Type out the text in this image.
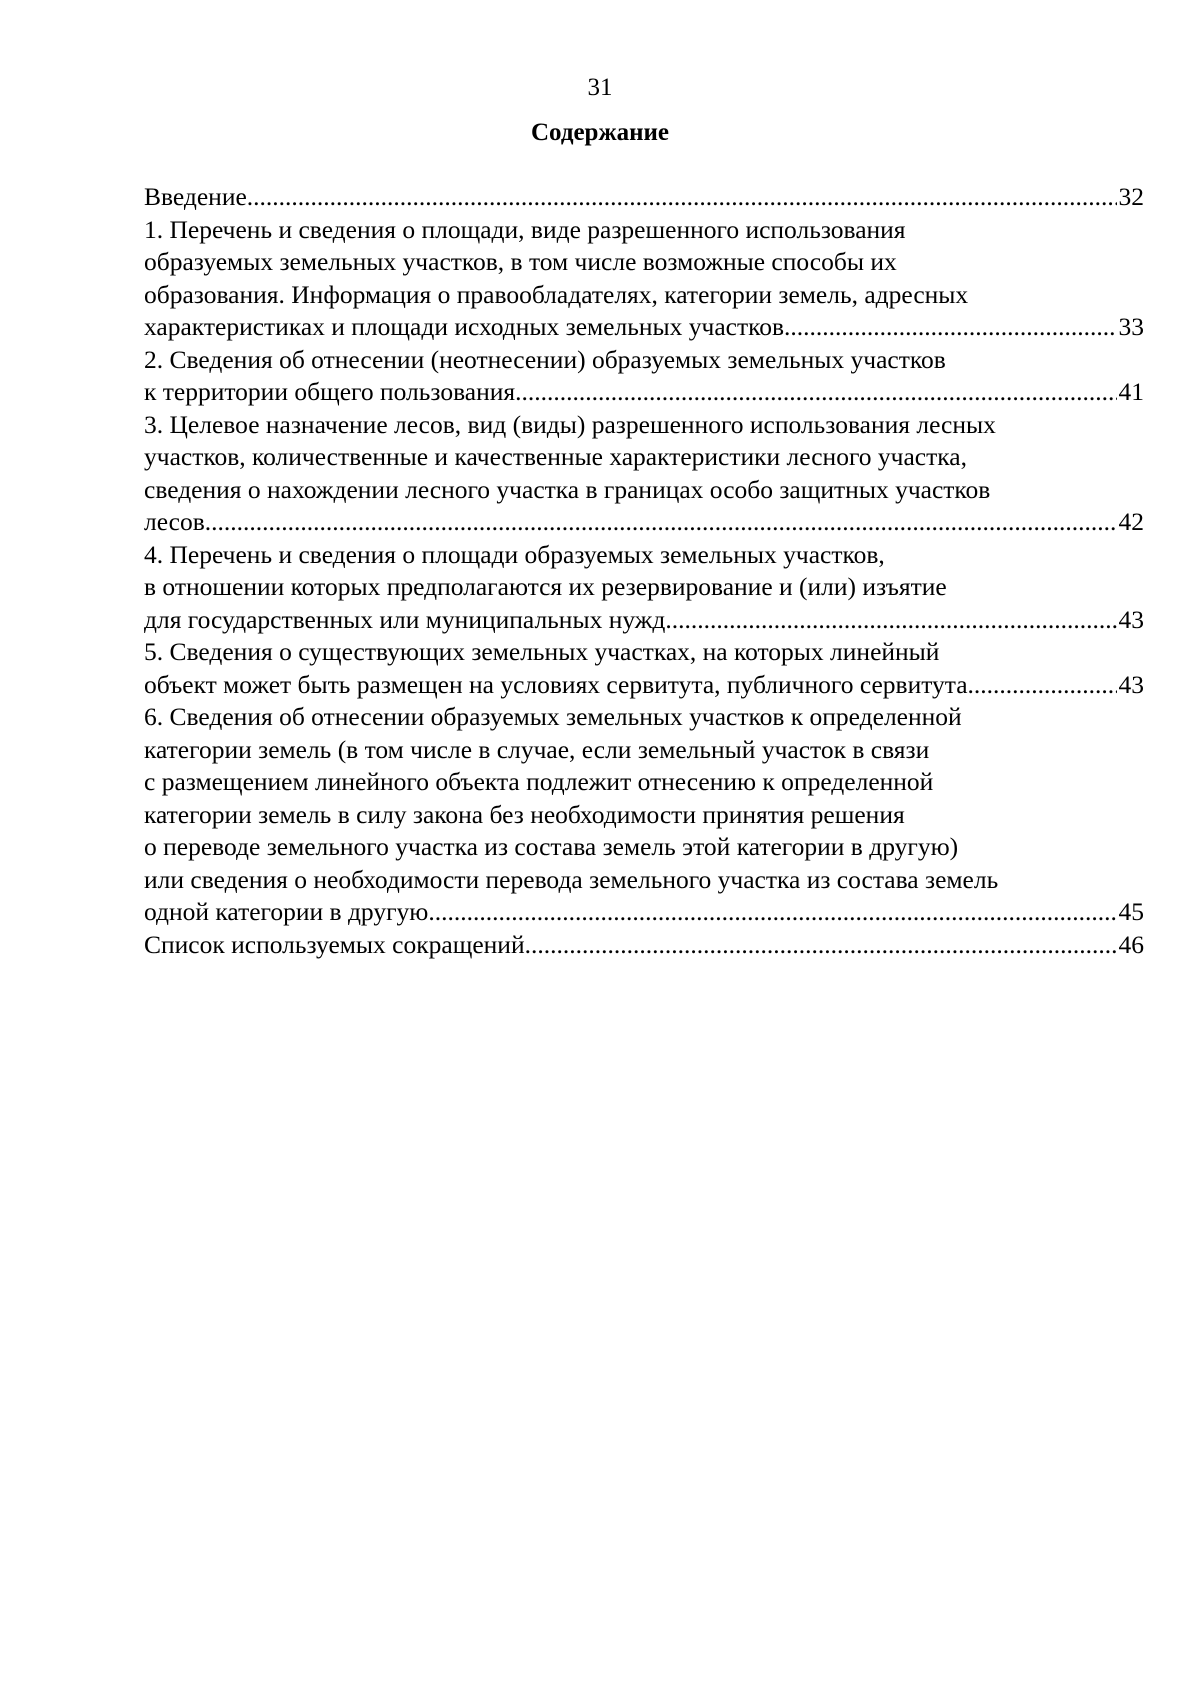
31
Содержание
Введение .....	32
1. Перечень и сведения о площади, виде разрешенного использования
образуемых земельных участков, в том числе возможные способы их
образования. Информация о правообладателях, категории земель, адресных
характеристиках и площади исходных земельных участков .....	33
2. Сведения об отнесении (неотнесении) образуемых земельных участков
к территории общего пользования .....	41
3. Целевое назначение лесов, вид (виды) разрешенного использования лесных
участков, количественные и качественные характеристики лесного участка,
сведения о нахождении лесного участка в границах особо защитных участков
лесов .....	42
4. Перечень и сведения о площади образуемых земельных участков,
в отношении которых предполагаются их резервирование и (или) изъятие
для государственных или муниципальных нужд .....	43
5. Сведения о существующих земельных участках, на которых линейный
объект может быть размещен на условиях сервитута, публичного сервитута .....	43
6. Сведения об отнесении образуемых земельных участков к определенной
категории земель (в том числе в случае, если земельный участок в связи
с размещением линейного объекта подлежит отнесению к определенной
категории земель в силу закона без необходимости принятия решения
о переводе земельного участка из состава земель этой категории в другую)
или сведения о необходимости перевода земельного участка из состава земель
одной категории в другую .....	45
Список используемых сокращений .....	46
